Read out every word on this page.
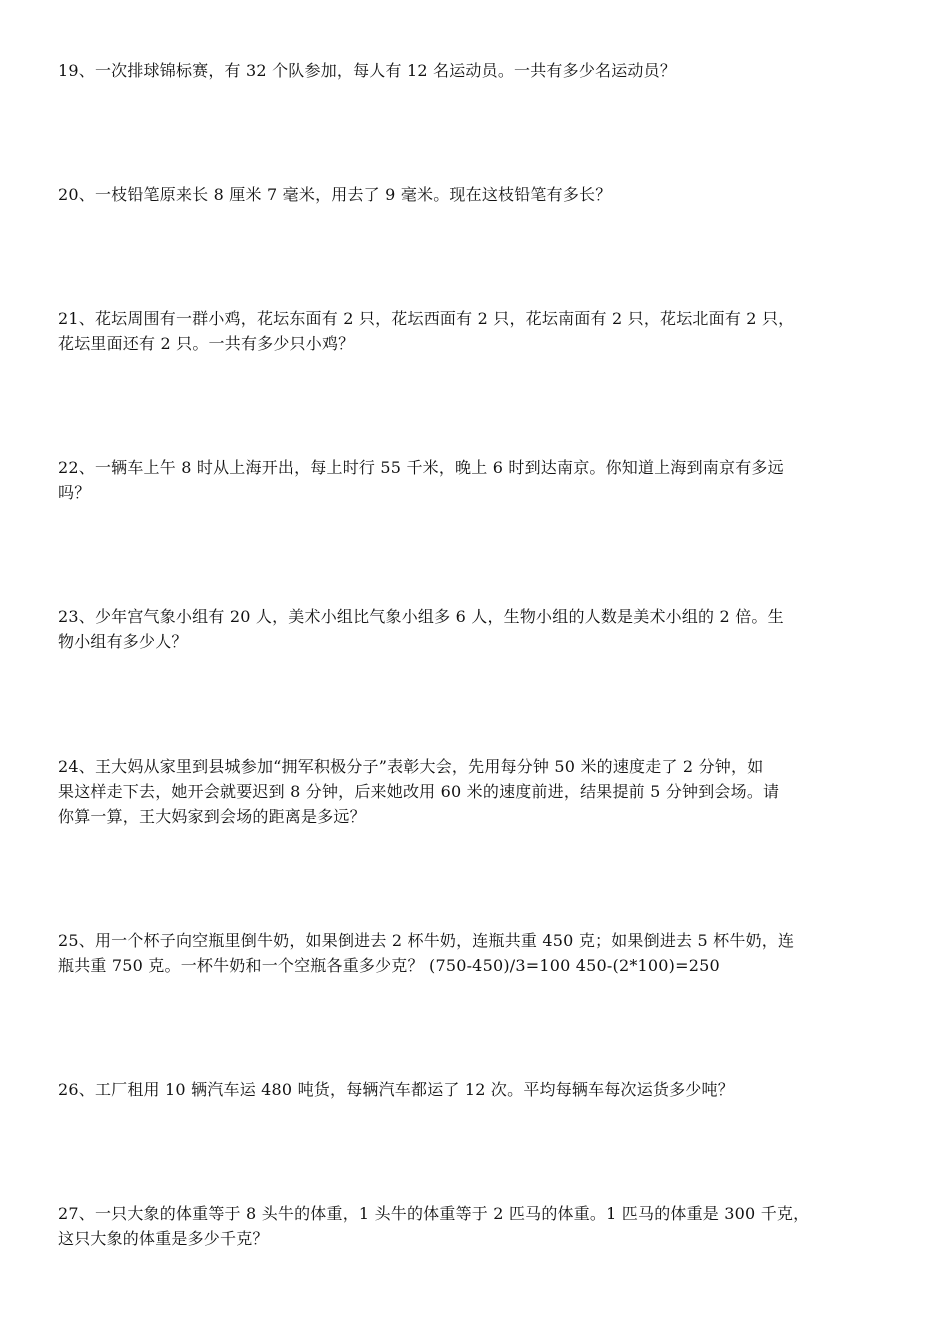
19、一次排球锦标赛，有 32 个队参加，每人有 12 名运动员。一共有多少名运动员？

20、一枝铅笔原来长 8 厘米 7 毫米，用去了 9 毫米。现在这枝铅笔有多长？

21、花坛周围有一群小鸡，花坛东面有 2 只，花坛西面有 2 只，花坛南面有 2 只，花坛北面有 2 只，
花坛里面还有 2 只。一共有多少只小鸡？

22、一辆车上午 8 时从上海开出，每上时行 55 千米，晚上 6 时到达南京。你知道上海到南京有多远
吗？

23、少年宫气象小组有 20 人，美术小组比气象小组多 6 人，生物小组的人数是美术小组的 2 倍。生
物小组有多少人？

24、王大妈从家里到县城参加“拥军积极分子”表彰大会，先用每分钟 50 米的速度走了 2 分钟，如
果这样走下去，她开会就要迟到 8 分钟，后来她改用 60 米的速度前进，结果提前 5 分钟到会场。请
你算一算，王大妈家到会场的距离是多远？

25、用一个杯子向空瓶里倒牛奶，如果倒进去 2 杯牛奶，连瓶共重 450 克；如果倒进去 5 杯牛奶，连
瓶共重 750 克。一杯牛奶和一个空瓶各重多少克？ (750-450)/3=100 450-(2*100)=250

26、工厂租用 10 辆汽车运 480 吨货，每辆汽车都运了 12 次。平均每辆车每次运货多少吨？

27、一只大象的体重等于 8 头牛的体重，1 头牛的体重等于 2 匹马的体重。1 匹马的体重是 300 千克，
这只大象的体重是多少千克？
